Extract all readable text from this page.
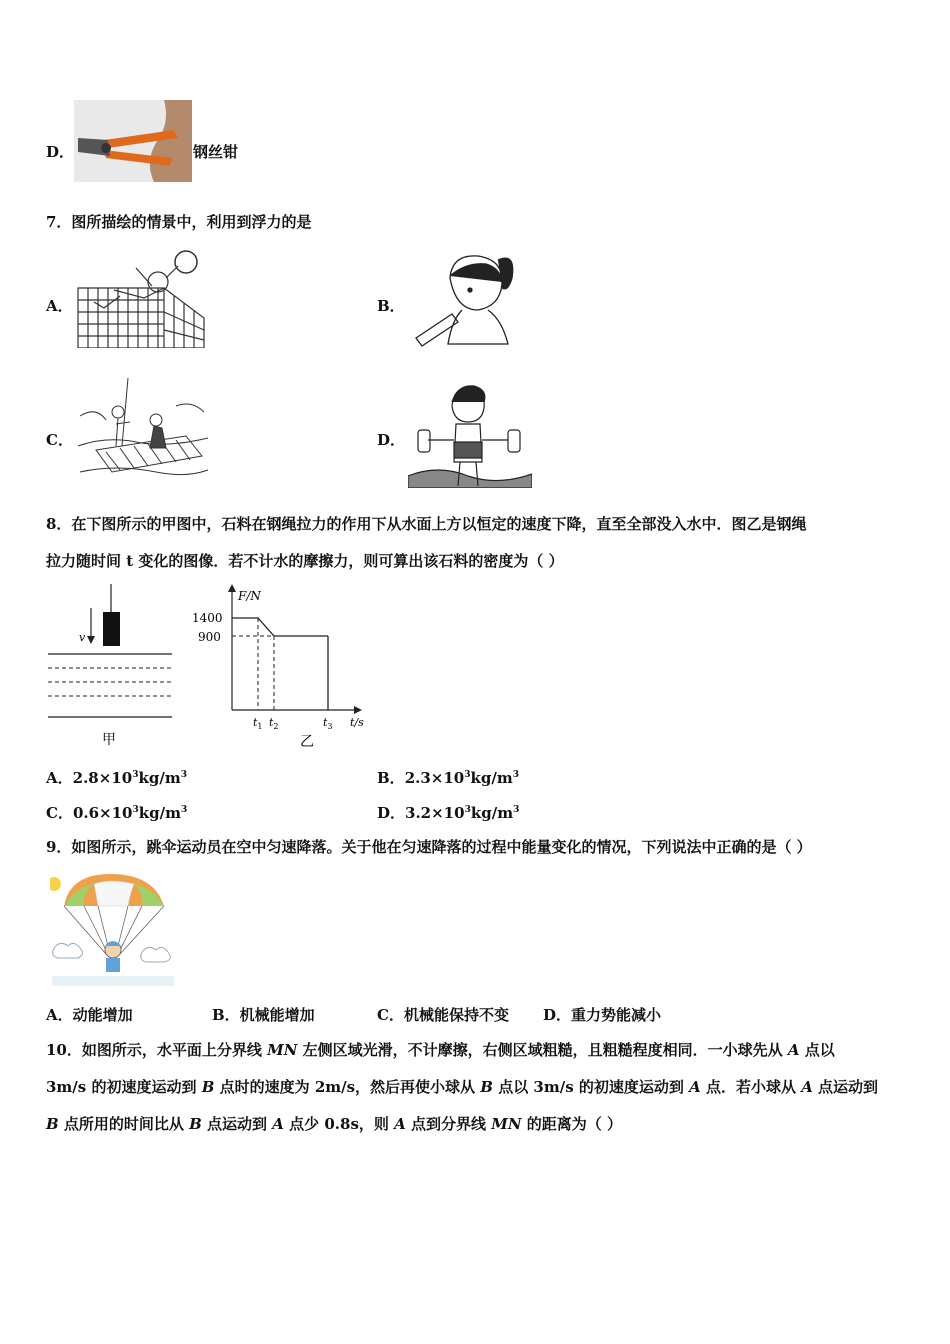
D．	钢丝钳
7．图所描绘的情景中，利用到浮力的是
A．	B．
C．	D．
8．在下图所示的甲图中，石料在钢绳拉力的作用下从水面上方以恒定的速度下降，直至全部没入水中．图乙是钢绳
拉力随时间 t 变化的图像．若不计水的摩擦力，则可算出该石料的密度为（ ）
v
甲
F/N
1400
900
$t_1$ $t_2$	$t_3$ t/s
乙
A．$2.8\times 10^3kg/m^3$	B．$2.3\times 10^3kg/m^3$
C．$0.6\times 10^3kg/m^3$	D．$3.2\times 10^3kg/m^3$
9．如图所示，跳伞运动员在空中匀速降落。关于他在匀速降落的过程中能量变化的情况，下列说法中正确的是（ ）
A．动能增加	B．机械能增加	C．机械能保持不变 D．重力势能减小
10．如图所示，水平面上分界线 MN 左侧区域光滑，不计摩擦，右侧区域粗糙，且粗糙程度相同．一小球先从 A 点以
3m/s 的初速度运动到 B 点时的速度为 2m/s，然后再使小球从 B 点以 3m/s 的初速度运动到 A 点．若小球从 A 点运动到
B 点所用的时间比从 B 点运动到 A 点少 0.8s，则 A 点到分界线 MN 的距离为（ ）
